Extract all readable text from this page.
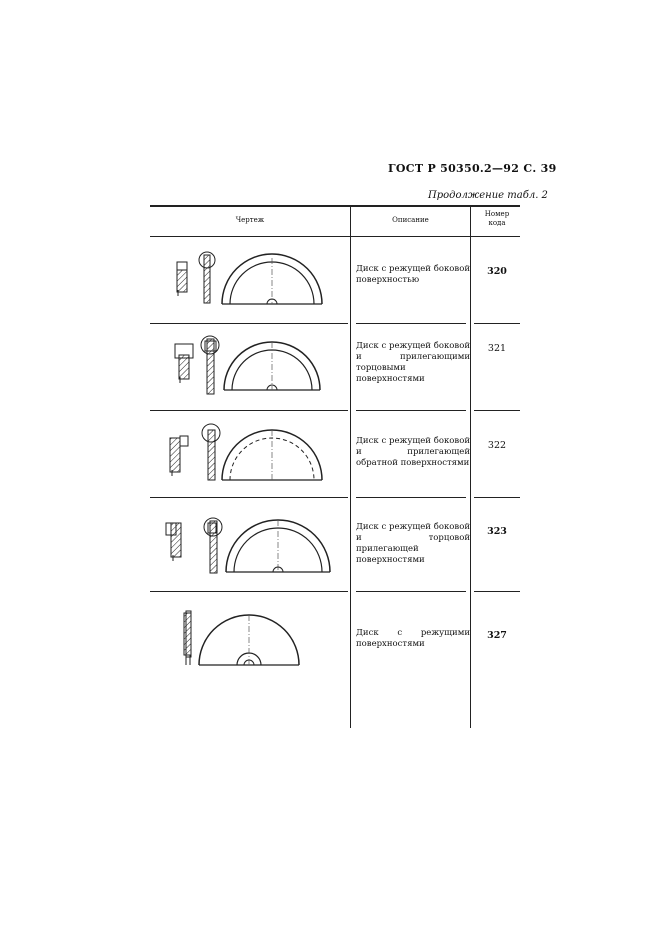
ГОСТ Р 50350.2—92 С. 39
Продолжение табл. 2
Чертеж	Описание
Номер кода
Диск с режущей боковой поверхностью
320
Диск с режущей боковой и прилегающими торцовыми поверхностями
321
Диск с режущей боковой и прилегающей обратной поверхностями
322
Диск с режущей боковой и торцовой прилегающей поверхностями
323
Диск с режущими поверхностями
327
